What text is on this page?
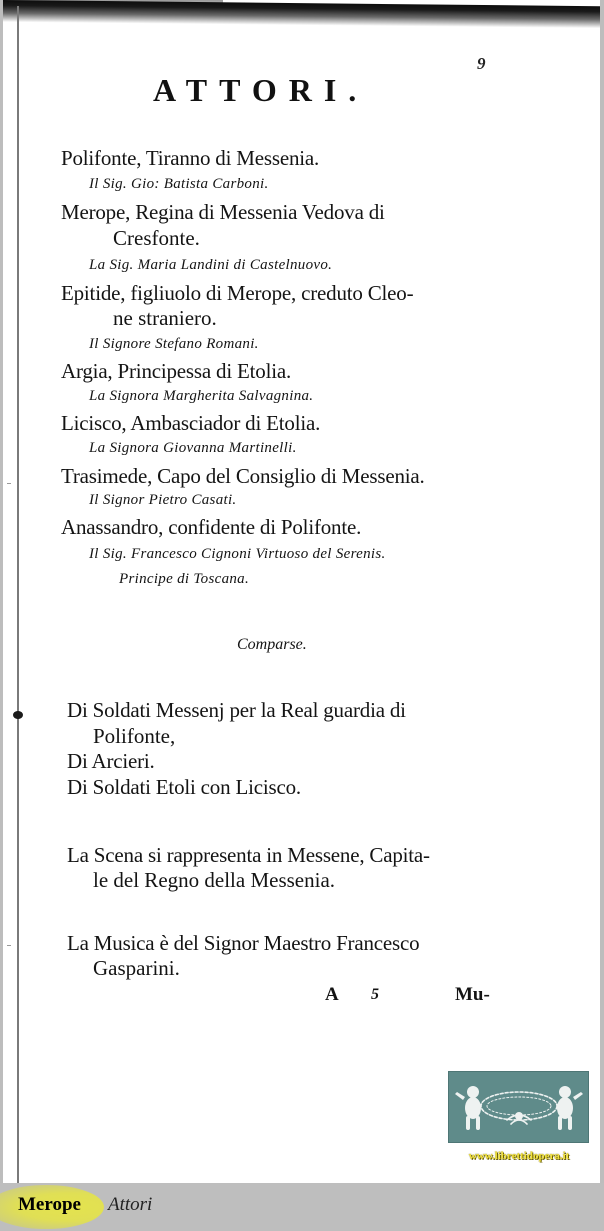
9
ATTORI.
Polifonte, Tiranno di Messenia.
Il Sig. Gio: Batista Carboni.
Merope, Regina di Messenia Vedova di
Cresfonte.
La Sig. Maria Landini di Castelnuovo.
Epitide, figliuolo di Merope, creduto Cleo-
ne straniero.
Il Signore Stefano Romani.
Argia, Principessa di Etolia.
La Signora Margherita Salvagnina.
Licisco, Ambasciador di Etolia.
La Signora Giovanna Martinelli.
Trasimede, Capo del Consiglio di Messenia.
Il Signor Pietro Casati.
Anassandro, confidente di Polifonte.
Il Sig. Francesco Cignoni Virtuoso del Serenis.
Principe di Toscana.
Comparse.
Di Soldati Messenj per la Real guardia di
Polifonte,
Di Arcieri.
Di Soldati Etoli con Licisco.
La Scena si rappresenta in Messene, Capita-
le del Regno della Messenia.
La Musica è del Signor Maestro Francesco
Gasparini.
A 5	Mu-
www.librettidopera.it
Merope Attori
